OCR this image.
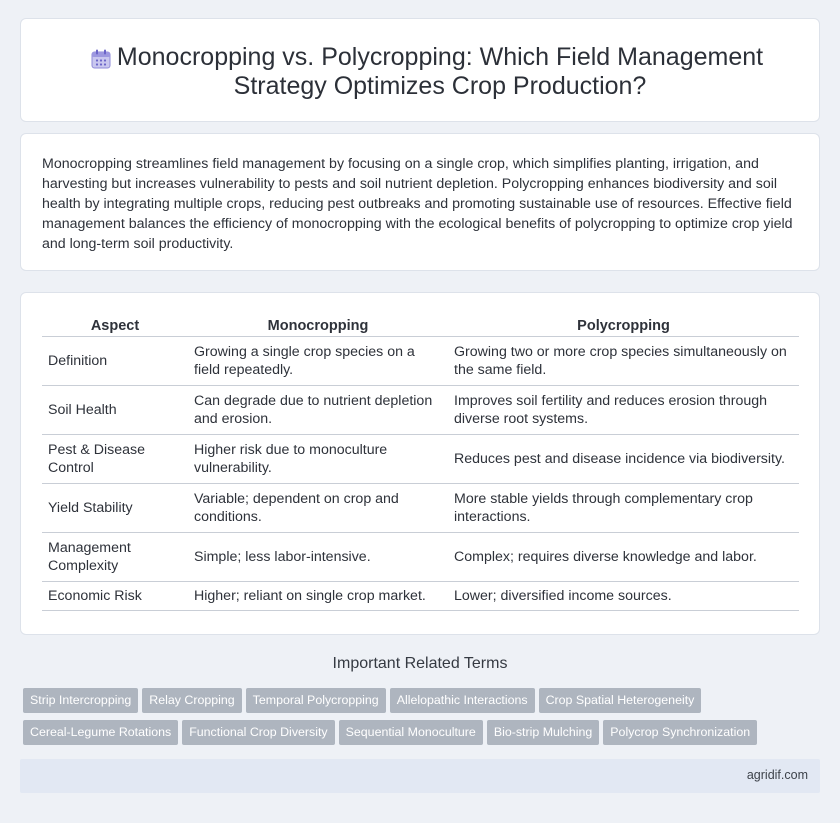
Monocropping vs. Polycropping: Which Field Management Strategy Optimizes Crop Production?

Monocropping streamlines field management by focusing on a single crop, which simplifies planting, irrigation, and harvesting but increases vulnerability to pests and soil nutrient depletion. Polycropping enhances biodiversity and soil health by integrating multiple crops, reducing pest outbreaks and promoting sustainable use of resources. Effective field management balances the efficiency of monocropping with the ecological benefits of polycropping to optimize crop yield and long-term soil productivity.

Aspect	Monocropping	Polycropping
Definition	Growing a single crop species on a field repeatedly.	Growing two or more crop species simultaneously on the same field.
Soil Health	Can degrade due to nutrient depletion and erosion.	Improves soil fertility and reduces erosion through diverse root systems.
Pest & Disease Control	Higher risk due to monoculture vulnerability.	Reduces pest and disease incidence via biodiversity.
Yield Stability	Variable; dependent on crop and conditions.	More stable yields through complementary crop interactions.
Management Complexity	Simple; less labor-intensive.	Complex; requires diverse knowledge and labor.
Economic Risk	Higher; reliant on single crop market.	Lower; diversified income sources.
Important Related Terms
Strip Intercropping Relay Cropping Temporal Polycropping Allelopathic Interactions Crop Spatial Heterogeneity
Cereal-Legume Rotations Functional Crop Diversity Sequential Monoculture Bio-strip Mulching Polycrop Synchronization
agridif.com
